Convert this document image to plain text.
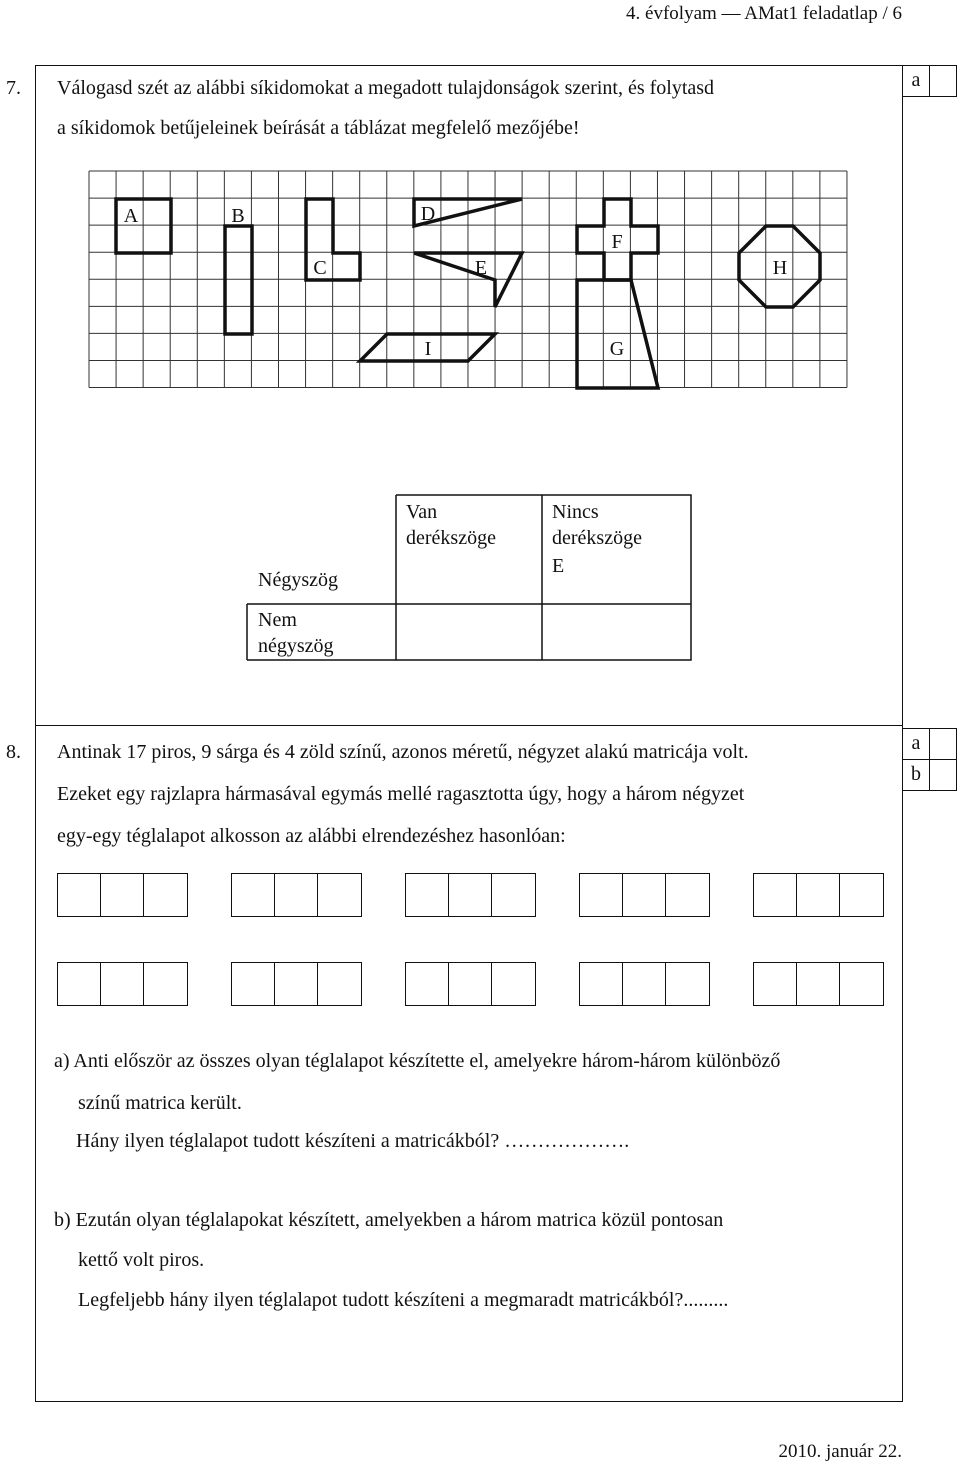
4. évfolyam — AMat1 feladatlap / 6
7. Válogasd szét az alábbi síkidomokat a megadott tulajdonságok szerint, és folytasd
a síkidomok betűjeleinek beírását a táblázat megfelelő mezőjébe!
a
A	B
C
D
E
F
G
H
I
Van
derékszöge
Nincs
derékszöge
E
Négyszög
Nem
négyszög
8. Antinak 17 piros, 9 sárga és 4 zöld színű, azonos méretű, négyzet alakú matricája volt.
Ezeket egy rajzlapra hármasával egymás mellé ragasztotta úgy, hogy a három négyzet
egy-egy téglalapot alkosson az alábbi elrendezéshez hasonlóan:
a
b
a) Anti először az összes olyan téglalapot készítette el, amelyekre három-három különböző
színű matrica került.
Hány ilyen téglalapot tudott készíteni a matricákból? ……………….
b) Ezután olyan téglalapokat készített, amelyekben a három matrica közül pontosan
kettő volt piros.
Legfeljebb hány ilyen téglalapot tudott készíteni a megmaradt matricákból?.........
2010. január 22.
